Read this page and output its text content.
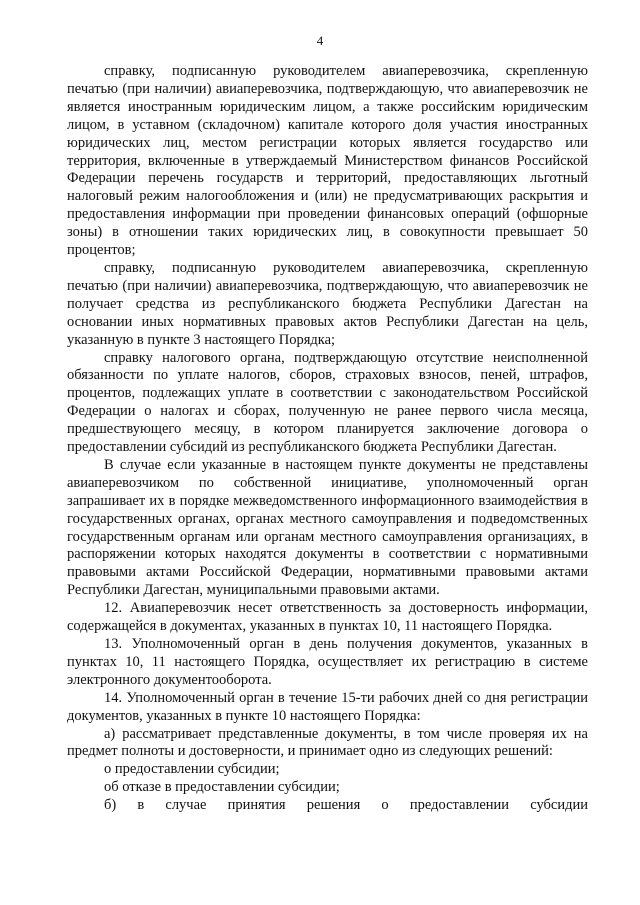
4

справку, подписанную руководителем авиаперевозчика, скрепленную печатью (при наличии) авиаперевозчика, подтверждающую, что авиаперевозчик не является иностранным юридическим лицом, а также российским юридическим лицом, в уставном (складочном) капитале которого доля участия иностранных юридических лиц, местом регистрации которых является государство или территория, включенные в утверждаемый Министерством финансов Российской Федерации перечень государств и территорий, предоставляющих льготный налоговый режим налогообложения и (или) не предусматривающих раскрытия и предоставления информации при проведении финансовых операций (офшорные зоны) в отношении таких юридических лиц, в совокупности превышает 50 процентов;

справку, подписанную руководителем авиаперевозчика, скрепленную печатью (при наличии) авиаперевозчика, подтверждающую, что авиаперевозчик не получает средства из республиканского бюджета Республики Дагестан на основании иных нормативных правовых актов Республики Дагестан на цель, указанную в пункте 3 настоящего Порядка;

справку налогового органа, подтверждающую отсутствие неисполненной обязанности по уплате налогов, сборов, страховых взносов, пеней, штрафов, процентов, подлежащих уплате в соответствии с законодательством Российской Федерации о налогах и сборах, полученную не ранее первого числа месяца, предшествующего месяцу, в котором планируется заключение договора о предоставлении субсидий из республиканского бюджета Республики Дагестан.

В случае если указанные в настоящем пункте документы не представлены авиаперевозчиком по собственной инициативе, уполномоченный орган запрашивает их в порядке межведомственного информационного взаимодействия в государственных органах, органах местного самоуправления и подведомственных государственным органам или органам местного самоуправления организациях, в распоряжении которых находятся документы в соответствии с нормативными правовыми актами Российской Федерации, нормативными правовыми актами Республики Дагестан, муниципальными правовыми актами.

12. Авиаперевозчик несет ответственность за достоверность информации, содержащейся в документах, указанных в пунктах 10, 11 настоящего Порядка.

13. Уполномоченный орган в день получения документов, указанных в пунктах 10, 11 настоящего Порядка, осуществляет их регистрацию в системе электронного документооборота.

14. Уполномоченный орган в течение 15-ти рабочих дней со дня регистрации документов, указанных в пункте 10 настоящего Порядка:

а) рассматривает представленные документы, в том числе проверяя их на предмет полноты и достоверности, и принимает одно из следующих решений:

о предоставлении субсидии;

об отказе в предоставлении субсидии;

б) в случае принятия решения о предоставлении субсидии
